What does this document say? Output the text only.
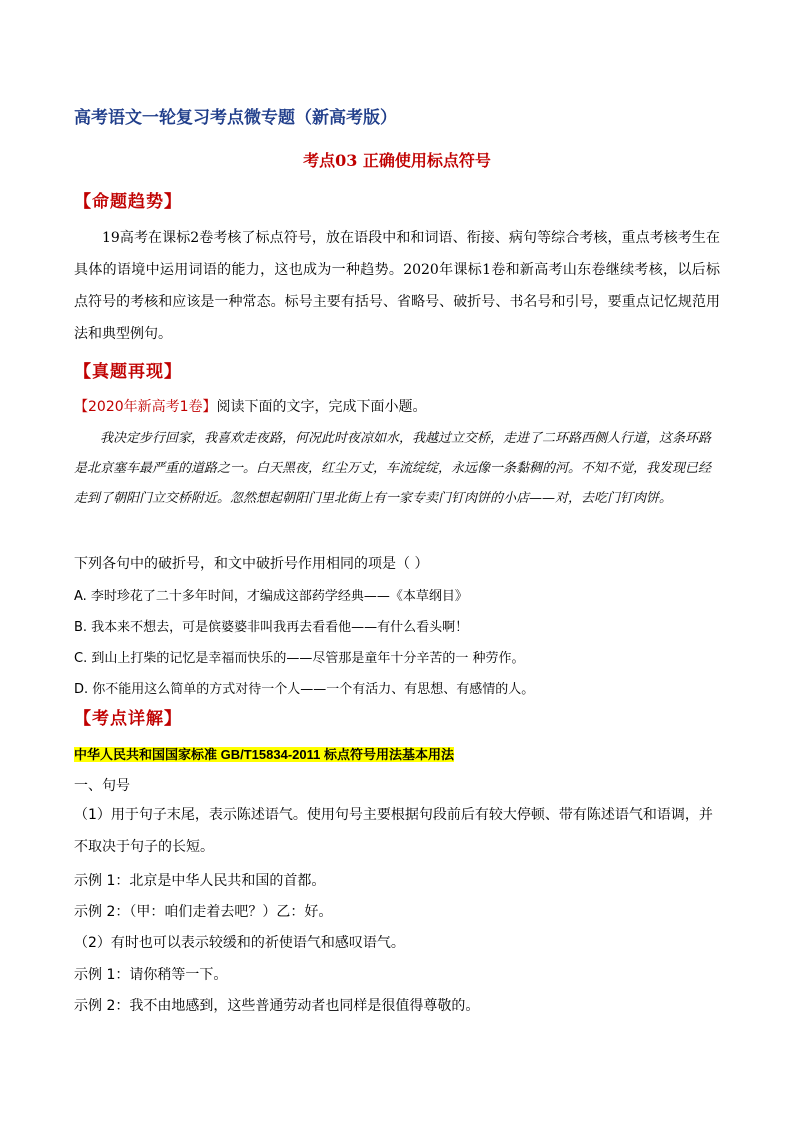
高考语文一轮复习考点微专题（新高考版）
考点03 正确使用标点符号
【命题趋势】

19高考在课标2卷考核了标点符号，放在语段中和和词语、衔接、病句等综合考核，重点考核考生在具体的语境中运用词语的能力，这也成为一种趋势。2020年课标1卷和新高考山东卷继续考核，以后标点符号的考核和应该是一种常态。标号主要有括号、省略号、破折号、书名号和引号，要重点记忆规范用法和典型例句。

【真题再现】
【2020年新高考1卷】阅读下面的文字，完成下面小题。

我决定步行回家，我喜欢走夜路，何况此时夜凉如水，我越过立交桥，走进了二环路西侧人行道，这条环路是北京塞车最严重的道路之一。白天黑夜，红尘万丈，车流绽绽，永远像一条黏稠的河。不知不觉，我发现已经走到了朝阳门立交桥附近。忽然想起朝阳门里北街上有一家专卖门钉肉饼的小店——对，去吃门钉肉饼。

下列各句中的破折号，和文中破折号作用相同的项是（ ）
A. 李时珍花了二十多年时间，才编成这部药学经典——《本草纲目》
B. 我本来不想去，可是傧婆婆非叫我再去看看他——有什么看头啊！
C. 到山上打柴的记忆是幸福而快乐的——尽管那是童年十分辛苦的一 种劳作。
D. 你不能用这么简单的方式对待一个人——一个有活力、有思想、有感情的人。
【考点详解】
中华人民共和国国家标准 GB/T15834-2011 标点符号用法基本用法
一、句号
（1）用于句子末尾，表示陈述语气。使用句号主要根据句段前后有较大停顿、带有陈述语气和语调，并不取决于句子的长短。
示例 1：北京是中华人民共和国的首都。
示例 2：（甲：咱们走着去吧？）乙：好。
（2）有时也可以表示较缓和的祈使语气和感叹语气。
示例 1：请你稍等一下。
示例 2：我不由地感到，这些普通劳动者也同样是很值得尊敬的。
